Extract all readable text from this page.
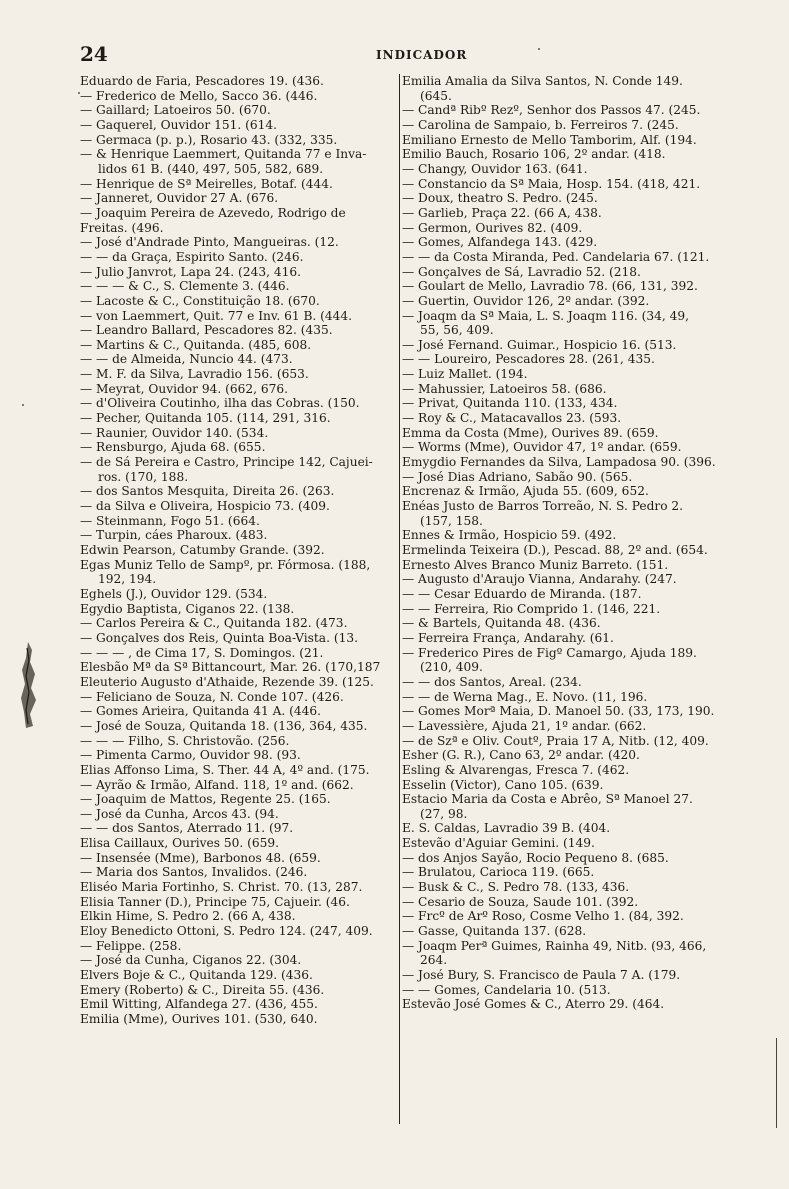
24	INDICADOR
Eduardo de Faria, Pescadores 19. (436.
— Frederico de Mello, Sacco 36. (446.
— Gaillard; Latoeiros 50. (670.
— Gaquerel, Ouvidor 151. (614.
— Germaca (p. p.), Rosario 43. (332, 335.
— & Henrique Laemmert, Quitanda 77 e Inva-
lidos 61 B. (440, 497, 505, 582, 689.
— Henrique de Sª Meirelles, Botaf. (444.
— Janneret, Ouvidor 27 A. (676.
— Joaquim Pereira de Azevedo, Rodrigo de
Freitas. (496.
— José d'Andrade Pinto, Mangueiras. (12.
— — da Graça, Espirito Santo. (246.
— Julio Janvrot, Lapa 24. (243, 416.
— — — & C., S. Clemente 3. (446.
— Lacoste & C., Constituição 18. (670.
— von Laemmert, Quit. 77 e Inv. 61 B. (444.
— Leandro Ballard, Pescadores 82. (435.
— Martins & C., Quitanda. (485, 608.
— — de Almeida, Nuncio 44. (473.
— M. F. da Silva, Lavradio 156. (653.
— Meyrat, Ouvidor 94. (662, 676.
— d'Oliveira Coutinho, ilha das Cobras. (150.
— Pecher, Quitanda 105. (114, 291, 316.
— Raunier, Ouvidor 140. (534.
— Rensburgo, Ajuda 68. (655.
— de Sá Pereira e Castro, Principe 142, Cajuei-
ros. (170, 188.
— dos Santos Mesquita, Direita 26. (263.
— da Silva e Oliveira, Hospicio 73. (409.
— Steinmann, Fogo 51. (664.
— Turpin, cáes Pharoux. (483.
Edwin Pearson, Catumby Grande. (392.
Egas Muniz Tello de Sampº, pr. Fórmosa. (188,
192, 194.
Eghels (J.), Ouvidor 129. (534.
Egydio Baptista, Ciganos 22. (138.
— Carlos Pereira & C., Quitanda 182. (473.
— Gonçalves dos Reis, Quinta Boa-Vista. (13.
— — — , de Cima 17, S. Domingos. (21.
Elesbão Mª da Sª Bittancourt, Mar. 26. (170,187
Eleuterio Augusto d'Athaide, Rezende 39. (125.
— Feliciano de Souza, N. Conde 107. (426.
— Gomes Arieira, Quitanda 41 A. (446.
— José de Souza, Quitanda 18. (136, 364, 435.
— — — Filho, S. Christovão. (256.
— Pimenta Carmo, Ouvidor 98. (93.
Elias Affonso Lima, S. Ther. 44 A, 4º and. (175.
— Ayrão & Irmão, Alfand. 118, 1º and. (662.
— Joaquim de Mattos, Regente 25. (165.
— José da Cunha, Arcos 43. (94.
— — dos Santos, Aterrado 11. (97.
Elisa Caillaux, Ourives 50. (659.
— Insensée (Mme), Barbonos 48. (659.
— Maria dos Santos, Invalidos. (246.
Eliséo Maria Fortinho, S. Christ. 70. (13, 287.
Elisia Tanner (D.), Principe 75, Cajueir. (46.
Elkin Hime, S. Pedro 2. (66 A, 438.
Eloy Benedicto Ottoni, S. Pedro 124. (247, 409.
— Felippe. (258.
— José da Cunha, Ciganos 22. (304.
Elvers Boje & C., Quitanda 129. (436.
Emery (Roberto) & C., Direita 55. (436.
Emil Witting, Alfandega 27. (436, 455.
Emilia (Mme), Ourives 101. (530, 640.
Emilia Amalia da Silva Santos, N. Conde 149.
(645.
— Candª Ribº Rezº, Senhor dos Passos 47. (245.
— Carolina de Sampaio, b. Ferreiros 7. (245.
Emiliano Ernesto de Mello Tamborim, Alf. (194.
Emilio Bauch, Rosario 106, 2º andar. (418.
— Changy, Ouvidor 163. (641.
— Constancio da Sª Maia, Hosp. 154. (418, 421.
— Doux, theatro S. Pedro. (245.
— Garlieb, Praça 22. (66 A, 438.
— Germon, Ourives 82. (409.
— Gomes, Alfandega 143. (429.
— — da Costa Miranda, Ped. Candelaria 67. (121.
— Gonçalves de Sá, Lavradio 52. (218.
— Goulart de Mello, Lavradio 78. (66, 131, 392.
— Guertin, Ouvidor 126, 2º andar. (392.
— Joaqm da Sª Maia, L. S. Joaqm 116. (34, 49,
55, 56, 409.
— José Fernand. Guimar., Hospicio 16. (513.
— — Loureiro, Pescadores 28. (261, 435.
— Luiz Mallet. (194.
— Mahussier, Latoeiros 58. (686.
— Privat, Quitanda 110. (133, 434.
— Roy & C., Matacavallos 23. (593.
Emma da Costa (Mme), Ourives 89. (659.
— Worms (Mme), Ouvidor 47, 1º andar. (659.
Emygdio Fernandes da Silva, Lampadosa 90. (396.
— José Dias Adriano, Sabão 90. (565.
Encrenaz & Irmão, Ajuda 55. (609, 652.
Enéas Justo de Barros Torreão, N. S. Pedro 2.
(157, 158.
Ennes & Irmão, Hospicio 59. (492.
Ermelinda Teixeira (D.), Pescad. 88, 2º and. (654.
Ernesto Alves Branco Muniz Barreto. (151.
— Augusto d'Araujo Vianna, Andarahy. (247.
— — Cesar Eduardo de Miranda. (187.
— — Ferreira, Rio Comprido 1. (146, 221.
— & Bartels, Quitanda 48. (436.
— Ferreira França, Andarahy. (61.
— Frederico Pires de Figº Camargo, Ajuda 189.
(210, 409.
— — dos Santos, Areal. (234.
— — de Werna Mag., E. Novo. (11, 196.
— Gomes Morª Maia, D. Manoel 50. (33, 173, 190.
— Lavessière, Ajuda 21, 1º andar. (662.
— de Szª e Oliv. Coutº, Praia 17 A, Nitb. (12, 409.
Esher (G. R.), Cano 63, 2º andar. (420.
Esling & Alvarengas, Fresca 7. (462.
Esselin (Victor), Cano 105. (639.
Estacio Maria da Costa e Abrêo, Sª Manoel 27.
(27, 98.
E. S. Caldas, Lavradio 39 B. (404.
Estevão d'Aguiar Gemini. (149.
— dos Anjos Sayão, Rocio Pequeno 8. (685.
— Brulatou, Carioca 119. (665.
— Busk & C., S. Pedro 78. (133, 436.
— Cesario de Souza, Saude 101. (392.
— Frcº de Arº Roso, Cosme Velho 1. (84, 392.
— Gasse, Quitanda 137. (628.
— Joaqm Perª Guimes, Rainha 49, Nitb. (93, 466,
264.
— José Bury, S. Francisco de Paula 7 A. (179.
— — Gomes, Candelaria 10. (513.
Estevão José Gomes & C., Aterro 29. (464.
